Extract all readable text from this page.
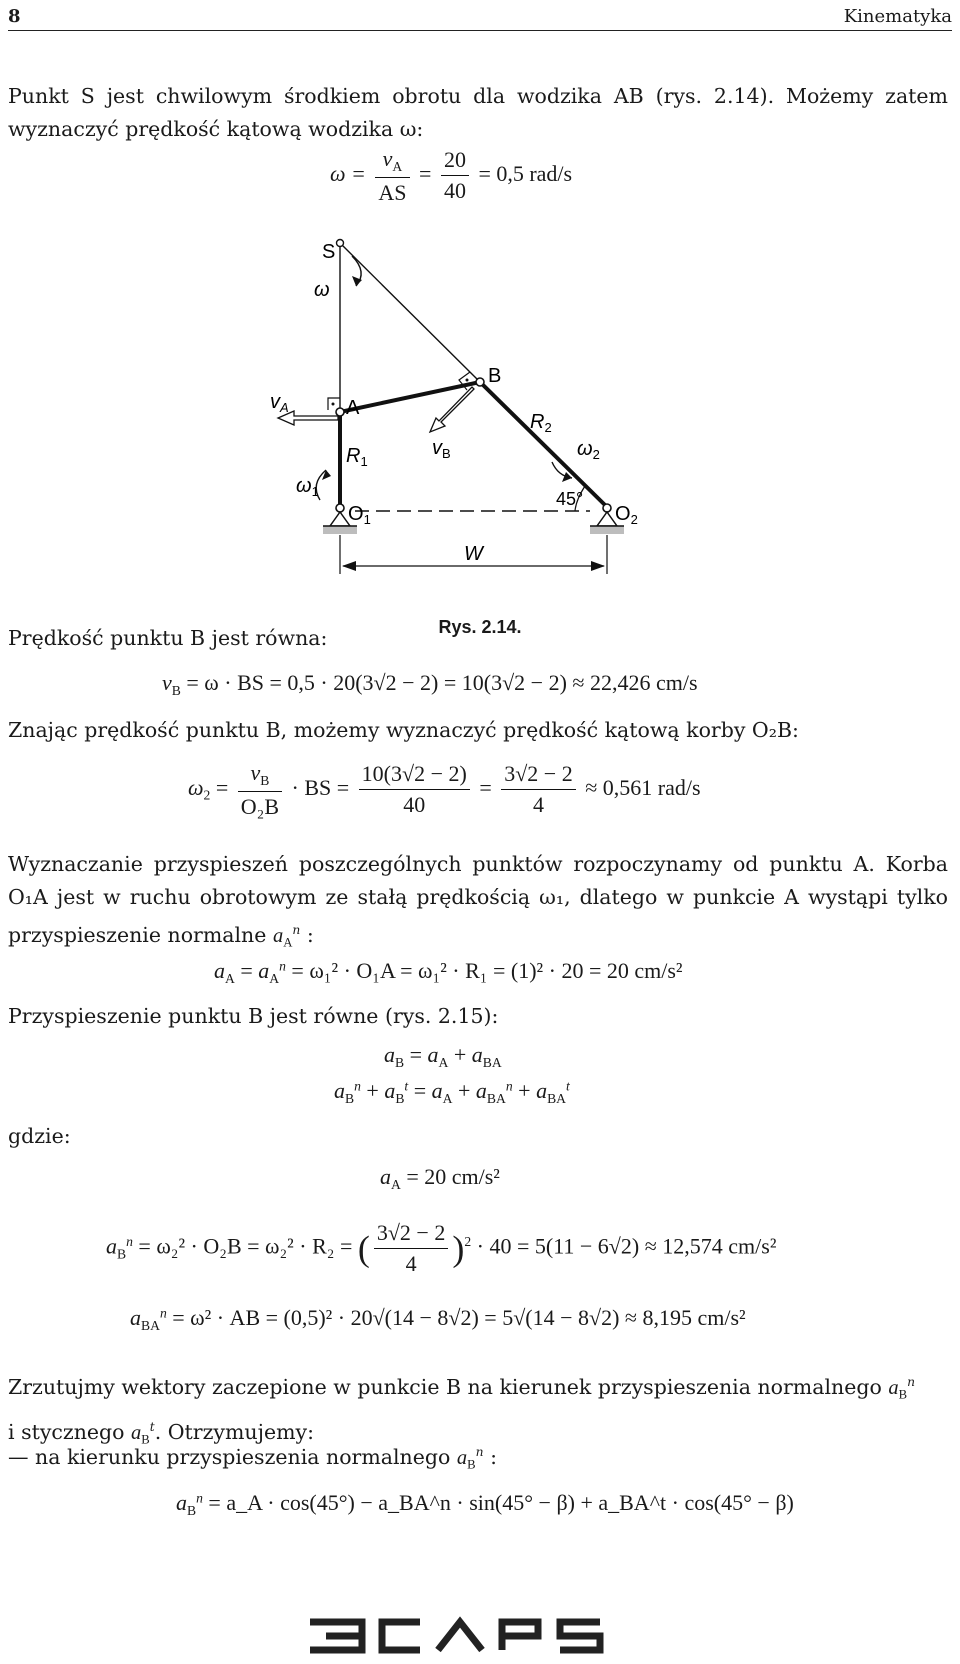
8	Kinematyka
Punkt S jest chwilowym środkiem obrotu dla wodzika AB (rys. 2.14). Możemy zatem wyznaczyć prędkość kątową wodzika ω:
$\omega = \frac{v_A}{AS} = \frac{20}{40} = 0,5$ rad/s
S
ω
B
$v_A$	A
$R_2$
$\omega_2$
$R_1$
$v_B$
$\omega_1$	45°
$O_1$	$O_2$
W
Rys. 2.14.
Prędkość punktu B jest równa:
$v_B = \omega$ · BS = 0,5 · 20(3√2 − 2) = 10(3√2 − 2) ≈ 22,426 cm/s
Znając prędkość punktu B, możemy wyznaczyć prędkość kątową korby O₂B:
$\omega_2 = \frac{v_B}{\text{O₂B}}$ · BS = $\frac{10(3√2 - 2)}{40} = \frac{3√2 - 2}{4} \approx 0,561$ rad/s
Wyznaczanie przyspieszeń poszczególnych punktów rozpoczynamy od punktu A. Korba O₁A jest w ruchu obrotowym ze stałą prędkością ω₁, dlatego w punkcie A wystąpi tylko przyspieszenie normalne $a_A^n$ :
$a_A = a_A^n = \omega_1^2 \cdot O_1A = \omega_1^2 \cdot R_1 = (1)^2 \cdot 20 = 20$ cm/s²
Przyspieszenie punktu B jest równe (rys. 2.15):
$a_B = a_A + a_{BA}$
$a_B^n + a_B^t = a_A + a_{BA}^n + a_{BA}^t$
gdzie:
$a_A = 20$ cm/s²
$a_B^n = \omega_2^2 \cdot O_2B = \omega_2^2 \cdot R_2$ = ( $\frac{3√2 - 2}{4} )^2 \cdot 40 = 5(11 - 6√2) \approx 12,574$ cm/s²
$a_{BA}^n = \omega^2$ · AB = (0,5)² · 20√(14 − 8√2) = 5√(14 − 8√2) ≈ 8,195 cm/s²
Zrzutujmy wektory zaczepione w punkcie B na kierunek przyspieszenia normalnego $a_B^n$
i stycznego $a_B^t$. Otrzymujemy:
— na kierunku przyspieszenia normalnego $a_B^n$ :
$a_B^n$ = a_A · cos(45°) − a_BA^n · sin(45° − β) + a_BA^t · cos(45° − β)
3CAPS
